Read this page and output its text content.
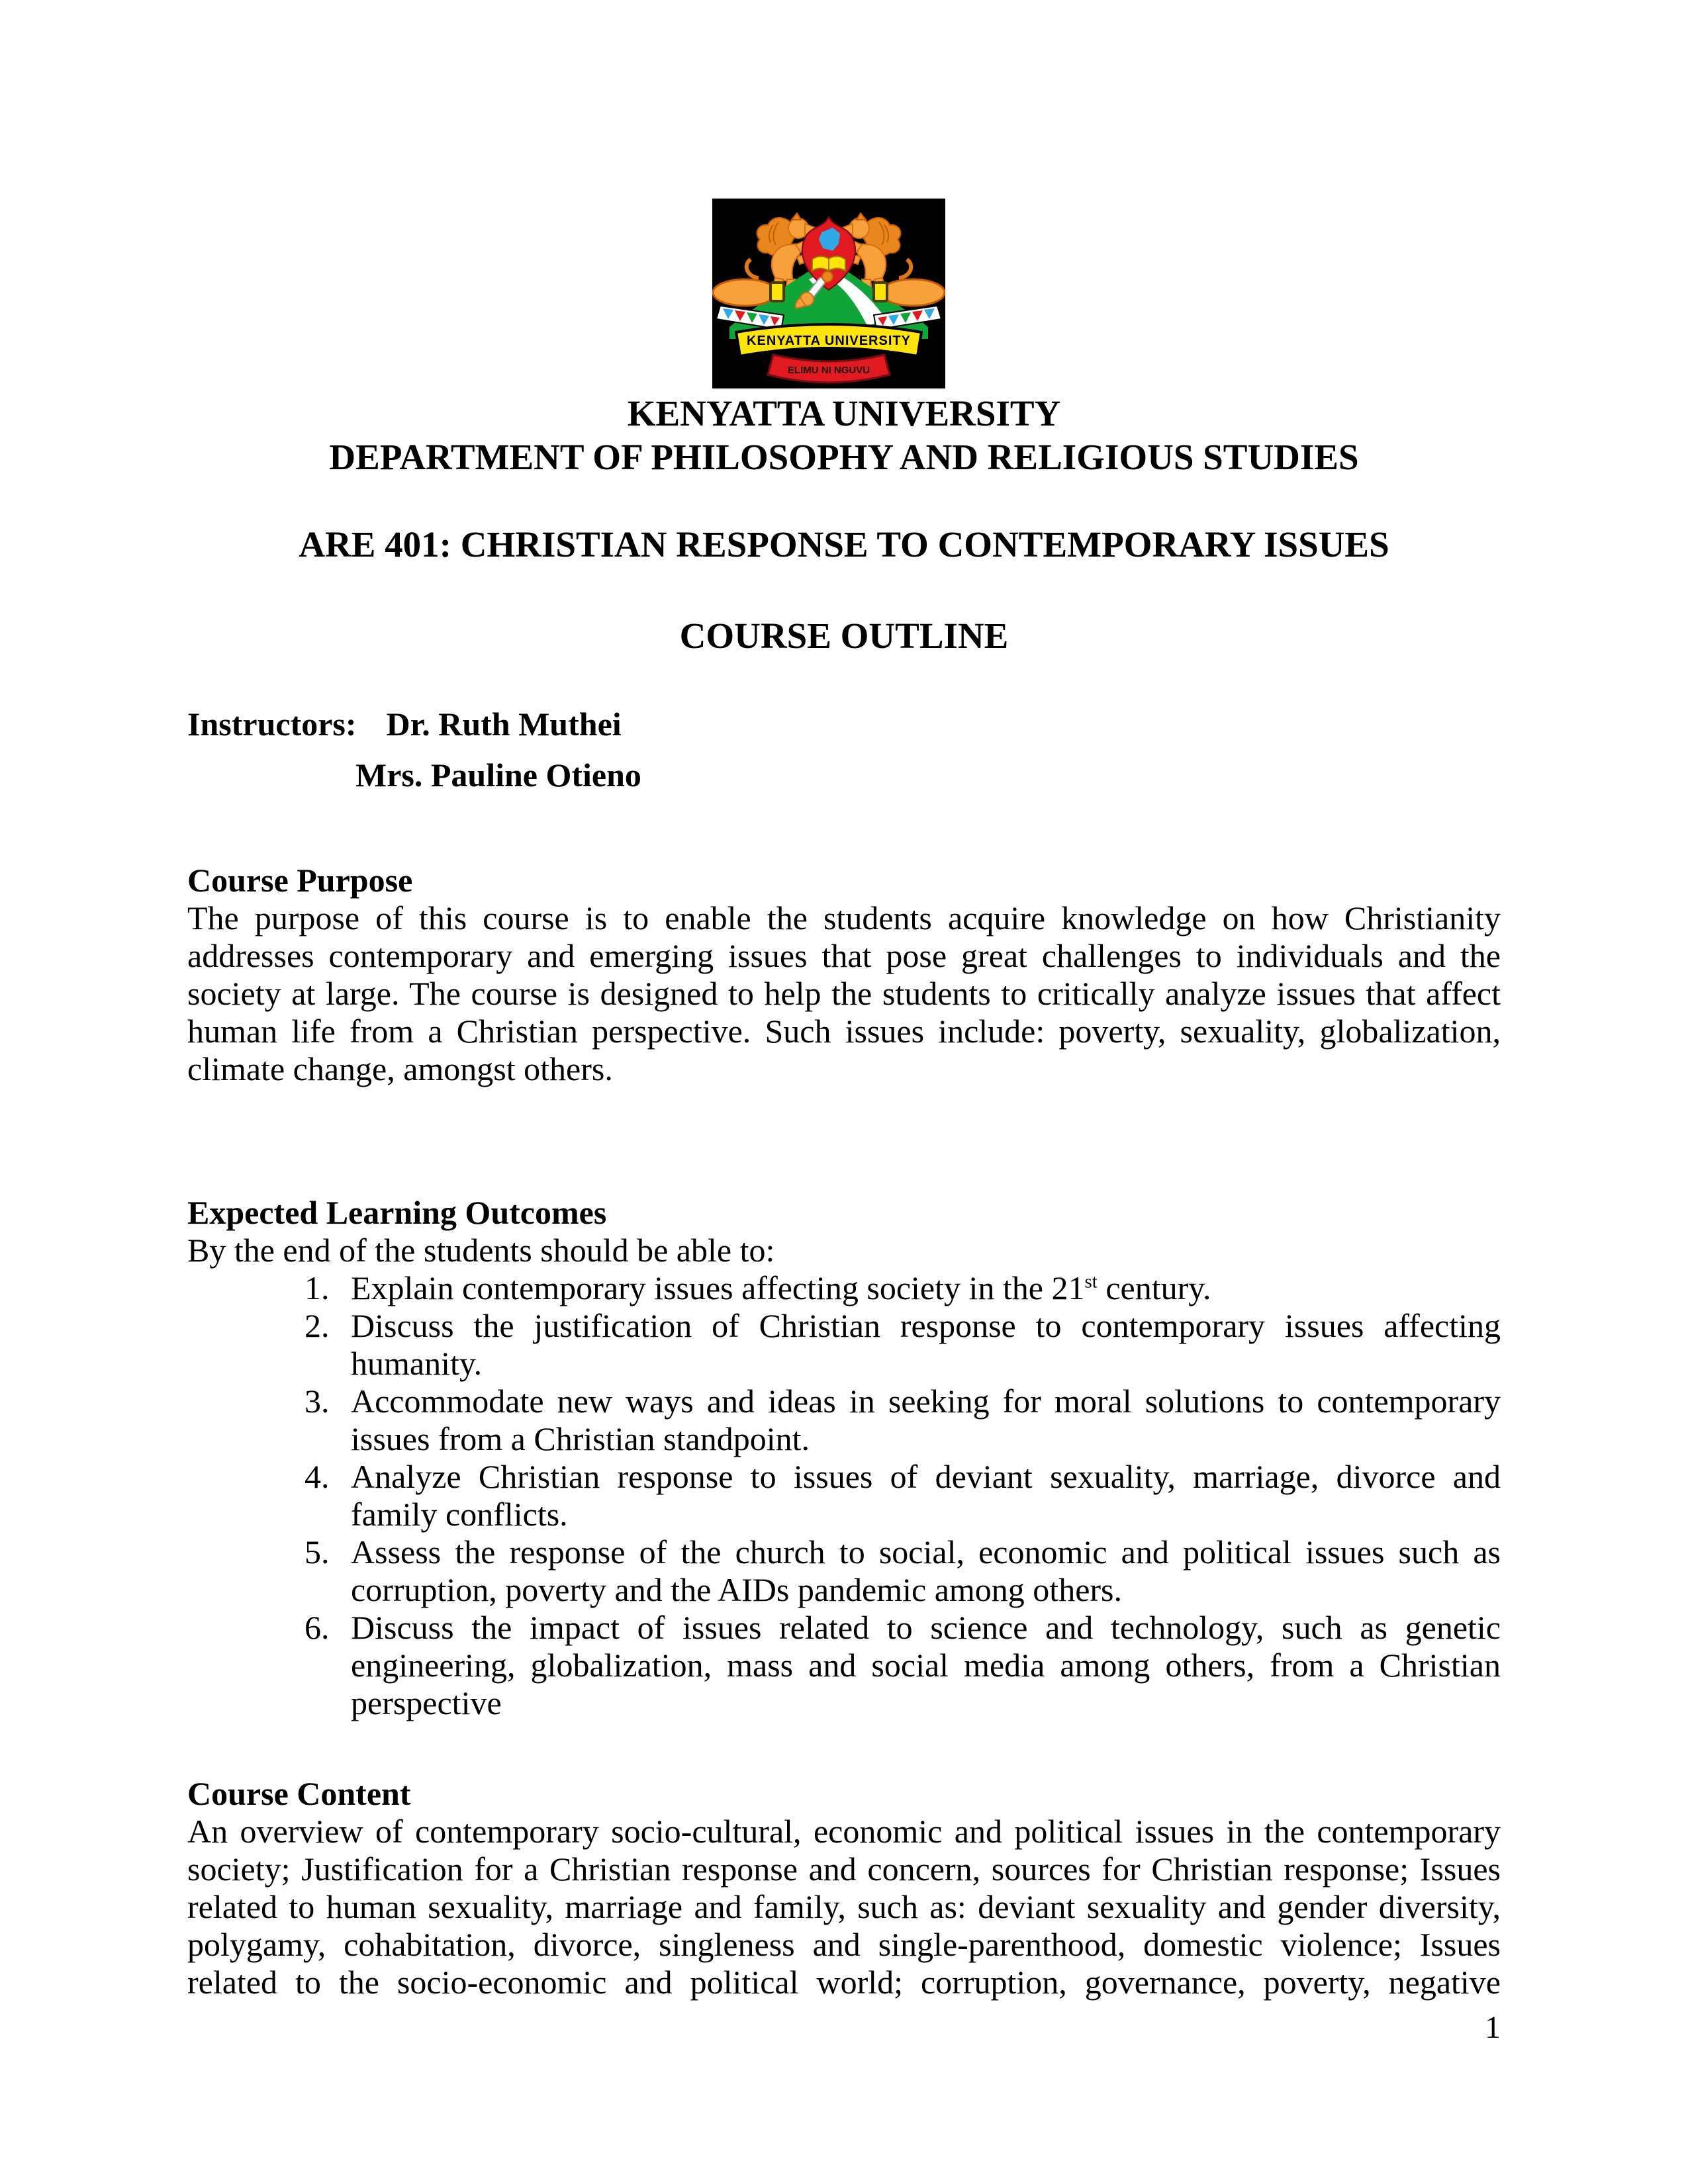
KENYATTA UNIVERSITY
ELIMU NI NGUVU
KENYATTA UNIVERSITY
DEPARTMENT OF PHILOSOPHY AND RELIGIOUS STUDIES
ARE 401: CHRISTIAN RESPONSE TO CONTEMPORARY ISSUES
COURSE OUTLINE
Instructors: Dr. Ruth Muthei
Mrs. Pauline Otieno
Course Purpose

The purpose of this course is to enable the students acquire knowledge on how Christianity addresses contemporary and emerging issues that pose great challenges to individuals and the society at large. The course is designed to help the students to critically analyze issues that affect human life from a Christian perspective. Such issues include: poverty, sexuality, globalization, climate change, amongst others.

Expected Learning Outcomes
By the end of the students should be able to:
1. Explain contemporary issues affecting society in the 21st century.
2. Discuss the justification of Christian response to contemporary issues affecting humanity.
3. Accommodate new ways and ideas in seeking for moral solutions to contemporary issues from a Christian standpoint.
4. Analyze Christian response to issues of deviant sexuality, marriage, divorce and family conflicts.
5. Assess the response of the church to social, economic and political issues such as corruption, poverty and the AIDs pandemic among others.
6. Discuss the impact of issues related to science and technology, such as genetic engineering, globalization, mass and social media among others, from a Christian perspective
Course Content

An overview of contemporary socio-cultural, economic and political issues in the contemporary society; Justification for a Christian response and concern, sources for Christian response; Issues related to human sexuality, marriage and family, such as: deviant sexuality and gender diversity, polygamy, cohabitation, divorce, singleness and single-parenthood, domestic violence; Issues related to the socio-economic and political world; corruption, governance, poverty, negative

1
